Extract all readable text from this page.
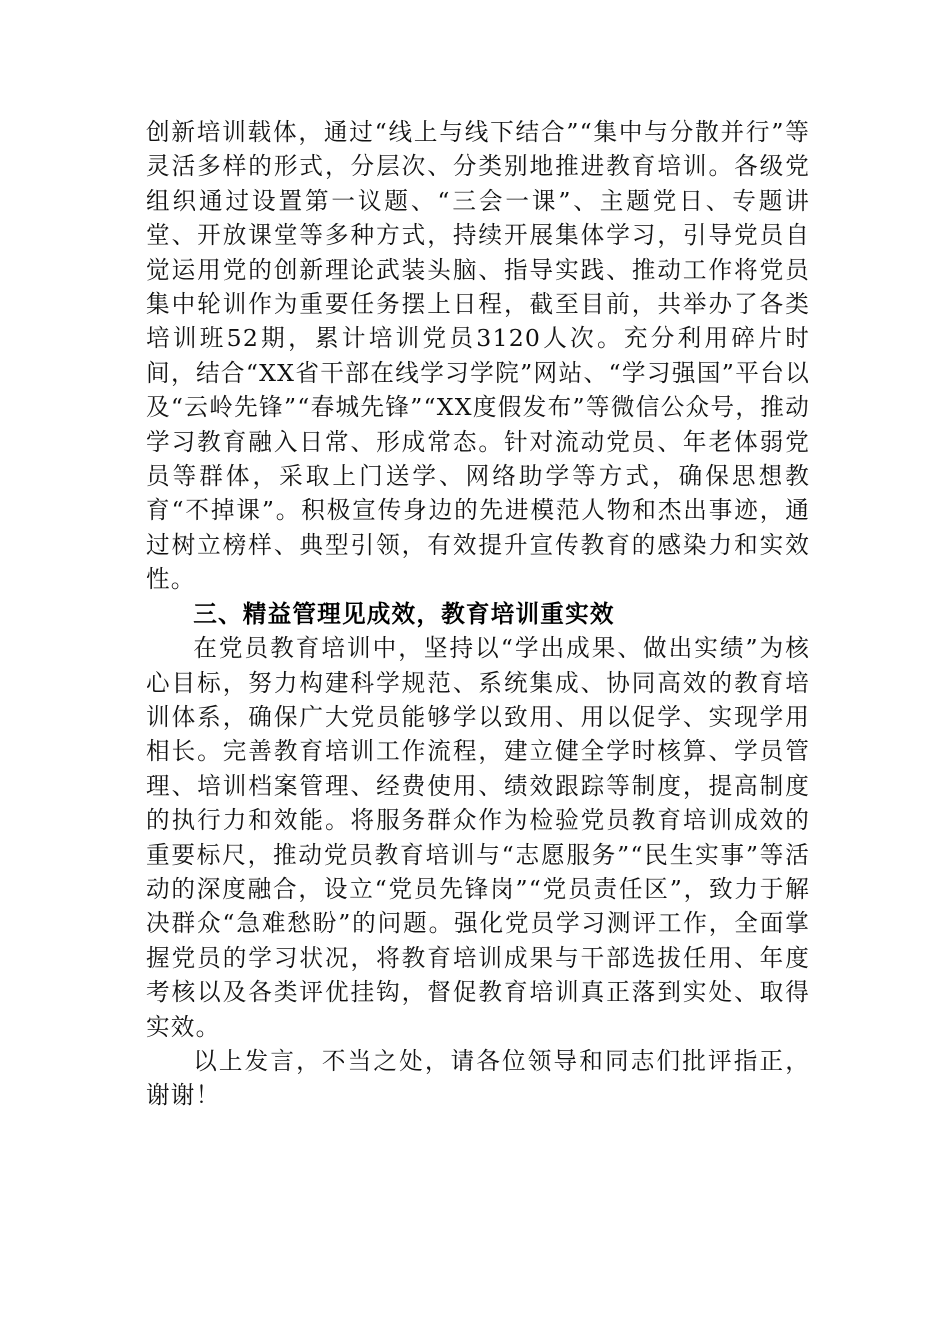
创新培训载体，通过“线上与线下结合”“集中与分散并行”等灵活多样的形式，分层次、分类别地推进教育培训。各级党组织通过设置第一议题、“三会一课”、主题党日、专题讲堂、开放课堂等多种方式，持续开展集体学习，引导党员自觉运用党的创新理论武装头脑、指导实践、推动工作将党员集中轮训作为重要任务摆上日程，截至目前，共举办了各类培训班52期，累计培训党员3120人次。充分利用碎片时间，结合“XX省干部在线学习学院”网站、“学习强国”平台以及“云岭先锋”“春城先锋”“XX度假发布”等微信公众号，推动学习教育融入日常、形成常态。针对流动党员、年老体弱党员等群体，采取上门送学、网络助学等方式，确保思想教育“不掉课”。积极宣传身边的先进模范人物和杰出事迹，通过树立榜样、典型引领，有效提升宣传教育的感染力和实效性。

三、精益管理见成效，教育培训重实效

在党员教育培训中，坚持以“学出成果、做出实绩”为核心目标，努力构建科学规范、系统集成、协同高效的教育培训体系，确保广大党员能够学以致用、用以促学、实现学用相长。完善教育培训工作流程，建立健全学时核算、学员管理、培训档案管理、经费使用、绩效跟踪等制度，提高制度的执行力和效能。将服务群众作为检验党员教育培训成效的重要标尺，推动党员教育培训与“志愿服务”“民生实事”等活动的深度融合，设立“党员先锋岗”“党员责任区”，致力于解决群众“急难愁盼”的问题。强化党员学习测评工作，全面掌握党员的学习状况，将教育培训成果与干部选拔任用、年度考核以及各类评优挂钩，督促教育培训真正落到实处、取得实效。

以上发言，不当之处，请各位领导和同志们批评指正，谢谢！
